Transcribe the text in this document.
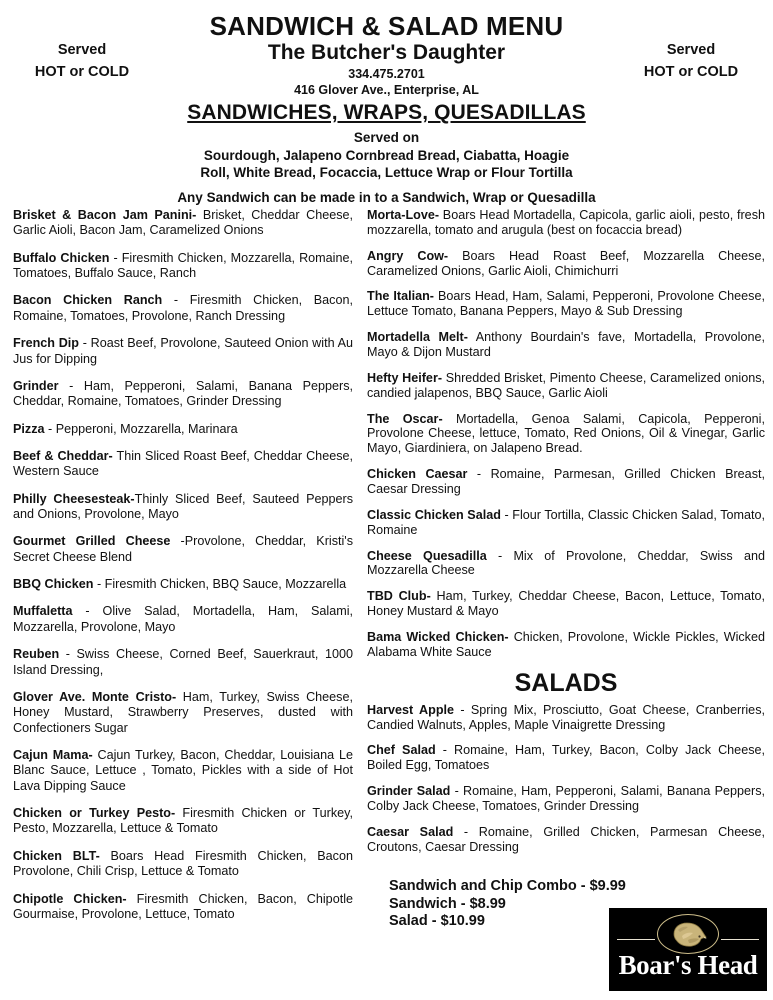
Served
HOT or COLD
Served
HOT or COLD
SANDWICH & SALAD MENU
The Butcher's Daughter
334.475.2701
416 Glover Ave., Enterprise, AL
SANDWICHES, WRAPS, QUESADILLAS
Served on
Sourdough, Jalapeno Cornbread Bread, Ciabatta, Hoagie
Roll, White Bread, Focaccia, Lettuce Wrap or Flour Tortilla
Any Sandwich can be made in to a Sandwich, Wrap or Quesadilla
Brisket & Bacon Jam Panini- Brisket, Cheddar Cheese, Garlic Aioli, Bacon Jam, Caramelized Onions
Buffalo Chicken - Firesmith Chicken, Mozzarella, Romaine, Tomatoes, Buffalo Sauce, Ranch
Bacon Chicken Ranch - Firesmith Chicken, Bacon, Romaine, Tomatoes, Provolone, Ranch Dressing
French Dip - Roast Beef, Provolone, Sauteed Onion with Au Jus for Dipping
Grinder - Ham, Pepperoni, Salami, Banana Peppers, Cheddar, Romaine, Tomatoes, Grinder Dressing
Pizza - Pepperoni, Mozzarella, Marinara
Beef & Cheddar- Thin Sliced Roast Beef, Cheddar Cheese, Western Sauce
Philly Cheesesteak-Thinly Sliced Beef, Sauteed Peppers and Onions, Provolone, Mayo
Gourmet Grilled Cheese -Provolone, Cheddar, Kristi's Secret Cheese Blend
BBQ Chicken - Firesmith Chicken, BBQ Sauce, Mozzarella
Muffaletta - Olive Salad, Mortadella, Ham, Salami, Mozzarella, Provolone, Mayo
Reuben - Swiss Cheese, Corned Beef, Sauerkraut, 1000 Island Dressing,
Glover Ave. Monte Cristo- Ham, Turkey, Swiss Cheese, Honey Mustard, Strawberry Preserves, dusted with Confectioners Sugar
Cajun Mama- Cajun Turkey, Bacon, Cheddar, Louisiana Le Blanc Sauce, Lettuce , Tomato, Pickles with a side of Hot Lava Dipping Sauce
Chicken or Turkey Pesto- Firesmith Chicken or Turkey, Pesto, Mozzarella, Lettuce & Tomato
Chicken BLT- Boars Head Firesmith Chicken, Bacon Provolone, Chili Crisp, Lettuce & Tomato
Chipotle Chicken- Firesmith Chicken, Bacon, Chipotle Gourmaise, Provolone, Lettuce, Tomato
Morta-Love- Boars Head Mortadella, Capicola, garlic aioli, pesto, fresh mozzarella, tomato and arugula (best on focaccia bread)
Angry Cow- Boars Head Roast Beef, Mozzarella Cheese, Caramelized Onions, Garlic Aioli, Chimichurri
The Italian- Boars Head, Ham, Salami, Pepperoni, Provolone Cheese, Lettuce Tomato, Banana Peppers, Mayo & Sub Dressing
Mortadella Melt- Anthony Bourdain's fave, Mortadella, Provolone, Mayo & Dijon Mustard
Hefty Heifer- Shredded Brisket, Pimento Cheese, Caramelized onions, candied jalapenos, BBQ Sauce, Garlic Aioli
The Oscar- Mortadella, Genoa Salami, Capicola, Pepperoni, Provolone Cheese, lettuce, Tomato, Red Onions, Oil & Vinegar, Garlic Mayo, Giardiniera, on Jalapeno Bread.
Chicken Caesar - Romaine, Parmesan, Grilled Chicken Breast, Caesar Dressing
Classic Chicken Salad - Flour Tortilla, Classic Chicken Salad, Tomato, Romaine
Cheese Quesadilla - Mix of Provolone, Cheddar, Swiss and Mozzarella Cheese
TBD Club- Ham, Turkey, Cheddar Cheese, Bacon, Lettuce, Tomato, Honey Mustard & Mayo
Bama Wicked Chicken- Chicken, Provolone, Wickle Pickles, Wicked Alabama White Sauce
SALADS
Harvest Apple - Spring Mix, Prosciutto, Goat Cheese, Cranberries, Candied Walnuts, Apples, Maple Vinaigrette Dressing
Chef Salad - Romaine, Ham, Turkey, Bacon, Colby Jack Cheese, Boiled Egg, Tomatoes
Grinder Salad - Romaine, Ham, Pepperoni, Salami, Banana Peppers, Colby Jack Cheese, Tomatoes, Grinder Dressing
Caesar Salad - Romaine, Grilled Chicken, Parmesan Cheese, Croutons, Caesar Dressing
Sandwich and Chip Combo - $9.99
Sandwich - $8.99
Salad - $10.99
Boar's Head
